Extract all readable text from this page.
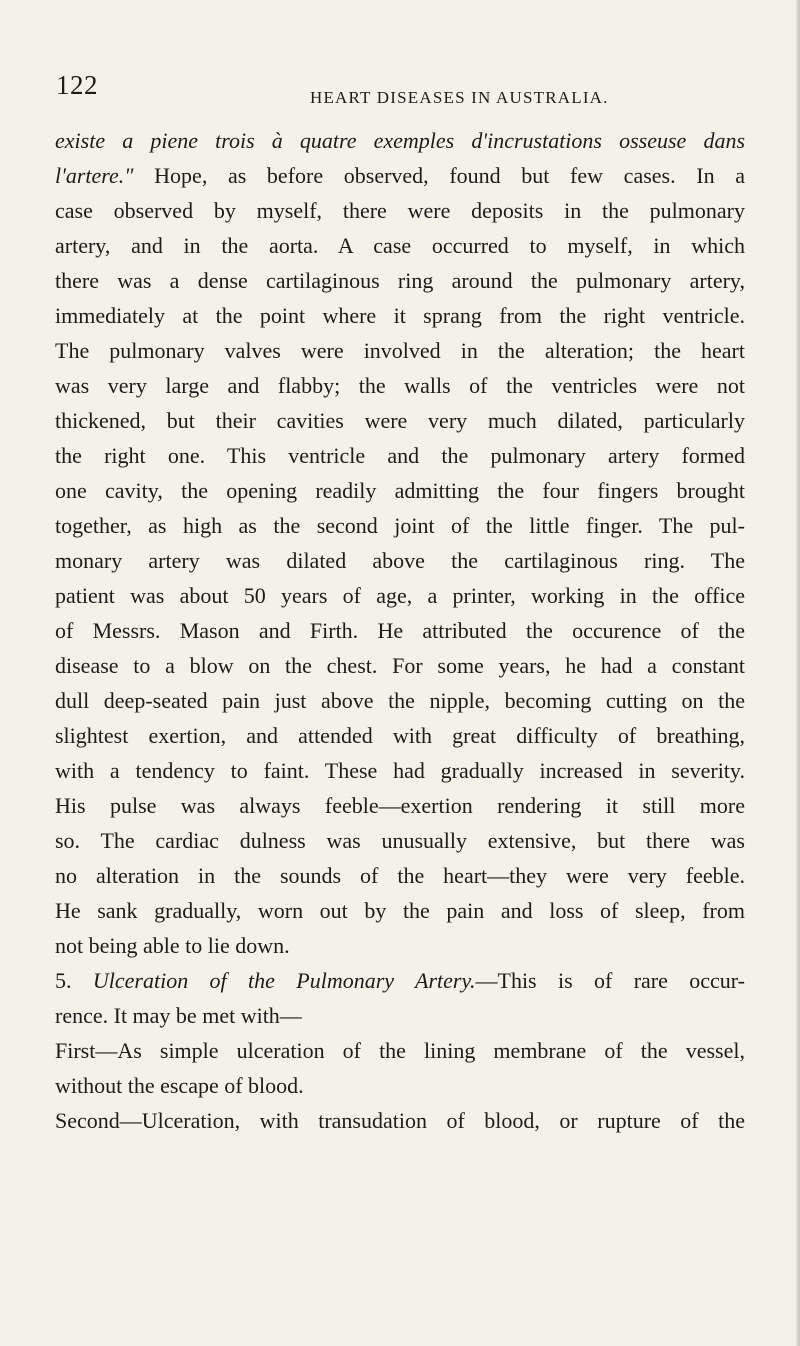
122	HEART DISEASES IN AUSTRALIA.
existe a piene trois à quatre exemples d'incrustations osseuse dans
l'artere." Hope, as before observed, found but few cases. In a
case observed by myself, there were deposits in the pulmonary
artery, and in the aorta. A case occurred to myself, in which
there was a dense cartilaginous ring around the pulmonary artery,
immediately at the point where it sprang from the right ventricle.
The pulmonary valves were involved in the alteration; the heart
was very large and flabby; the walls of the ventricles were not
thickened, but their cavities were very much dilated, particularly
the right one. This ventricle and the pulmonary artery formed
one cavity, the opening readily admitting the four fingers brought
together, as high as the second joint of the little finger. The pul-
monary artery was dilated above the cartilaginous ring. The
patient was about 50 years of age, a printer, working in the office
of Messrs. Mason and Firth. He attributed the occurence of the
disease to a blow on the chest. For some years, he had a constant
dull deep-seated pain just above the nipple, becoming cutting on the
slightest exertion, and attended with great difficulty of breathing,
with a tendency to faint. These had gradually increased in severity.
His pulse was always feeble—exertion rendering it still more
so. The cardiac dulness was unusually extensive, but there was
no alteration in the sounds of the heart—they were very feeble.
He sank gradually, worn out by the pain and loss of sleep, from
not being able to lie down.
5. Ulceration of the Pulmonary Artery.—This is of rare occur-
rence. It may be met with—
First—As simple ulceration of the lining membrane of the vessel,
without the escape of blood.
Second—Ulceration, with transudation of blood, or rupture of the
